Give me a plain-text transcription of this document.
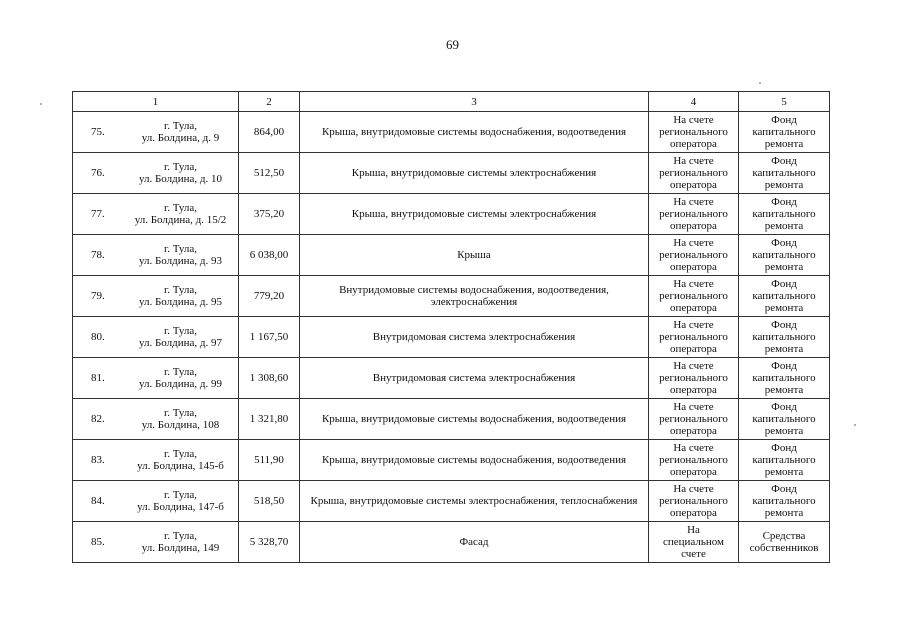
69
1	2	3	4	5

75. г. Тула,
ул. Болдина, д. 9	864,00	Крыша, внутридомовые системы водоснабжения, водоотведения	На счете
регионального
оператора	Фонд
капитального
ремонта

76. г. Тула,
ул. Болдина, д. 10	512,50	Крыша, внутридомовые системы электроснабжения	На счете
регионального
оператора	Фонд
капитального
ремонта

77. г. Тула,
ул. Болдина, д. 15/2	375,20	Крыша, внутридомовые системы электроснабжения	На счете
регионального
оператора	Фонд
капитального
ремонта

78. г. Тула,
ул. Болдина, д. 93	6 038,00	Крыша	На счете
регионального
оператора	Фонд
капитального
ремонта

79. г. Тула,
ул. Болдина, д. 95	779,20	Внутридомовые системы водоснабжения, водоотведения, электроснабжения	На счете
регионального
оператора	Фонд
капитального
ремонта

80. г. Тула,
ул. Болдина, д. 97	1 167,50	Внутридомовая система электроснабжения	На счете
регионального
оператора	Фонд
капитального
ремонта

81. г. Тула,
ул. Болдина, д. 99	1 308,60	Внутридомовая система электроснабжения	На счете
регионального
оператора	Фонд
капитального
ремонта

82. г. Тула,
ул. Болдина, 108	1 321,80	Крыша, внутридомовые системы водоснабжения, водоотведения	На счете
регионального
оператора	Фонд
капитального
ремонта

83. г. Тула,
ул. Болдина, 145-б	511,90	Крыша, внутридомовые системы водоснабжения, водоотведения	На счете
регионального
оператора	Фонд
капитального
ремонта

84. г. Тула,
ул. Болдина, 147-б	518,50	Крыша, внутридомовые системы электроснабжения, теплоснабжения	На счете
регионального
оператора	Фонд
капитального
ремонта

85. г. Тула,
ул. Болдина, 149	5 328,70	Фасад	На
специальном
счете	Средства
собственников
